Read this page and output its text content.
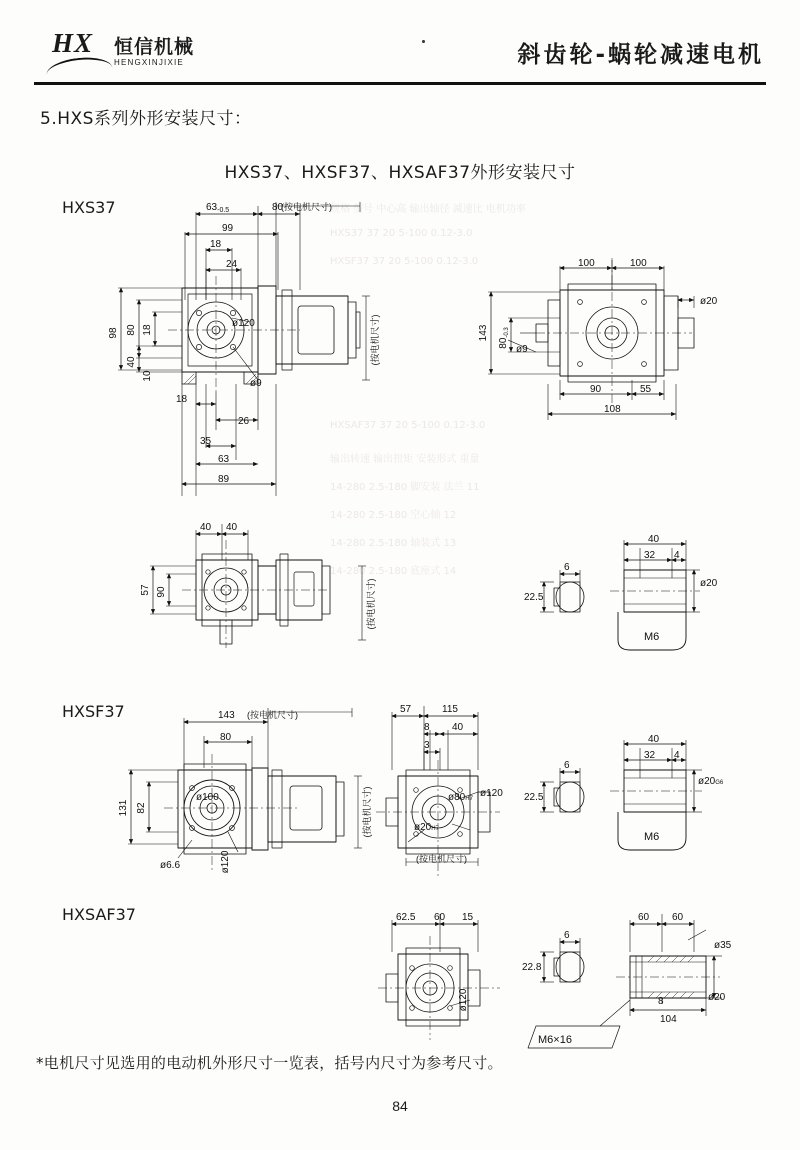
规格 型号 中心高 输出轴径 减速比 电机功率
HXS37 37 20 5-100 0.12-3.0
HXSF37 37 20 5-100 0.12-3.0
HXSAF37 37 20 5-100 0.12-3.0
输出转速 输出扭矩 安装形式 重量
14-280 2.5-180 脚安装 法兰 11
14-280 2.5-180 空心轴 12
14-280 2.5-180 轴装式 13
14-280 2.5-180 底座式 14
HX 恒信机械
HENGXINJIXIE	斜齿轮-蜗轮减速电机
5.HXS系列外形安装尺寸：
HXS37、HXSF37、HXSAF37外形安装尺寸
HXS37
HXSF37
HXSAF37
$63_{-0.5}$	80
99
18
24
(按电机尺寸)
98 80 18
40
10
ø120
ø9
18
26
35
63
89
(按电机尺寸)
100	100
ø20
143
$80_{-0.3}$
ø9
90	55
108
40 40
57 90	(按电机尺寸)
6
22.5
40
32 4
ø20
M6
143
80
(按电机尺寸)
131 82
ø100
ø6.6	ø120
(按电机尺寸)
57	115
8 40
3
ø80H7 ø120
ø20H7
(按电机尺寸)
6
22.5
40
32 4
ø20G6
M6
62.5 60 15
ø120
6
22.8
M6×16
60 60
ø35
8	ø20
104
*电机尺寸见选用的电动机外形尺寸一览表，括号内尺寸为参考尺寸。
84
